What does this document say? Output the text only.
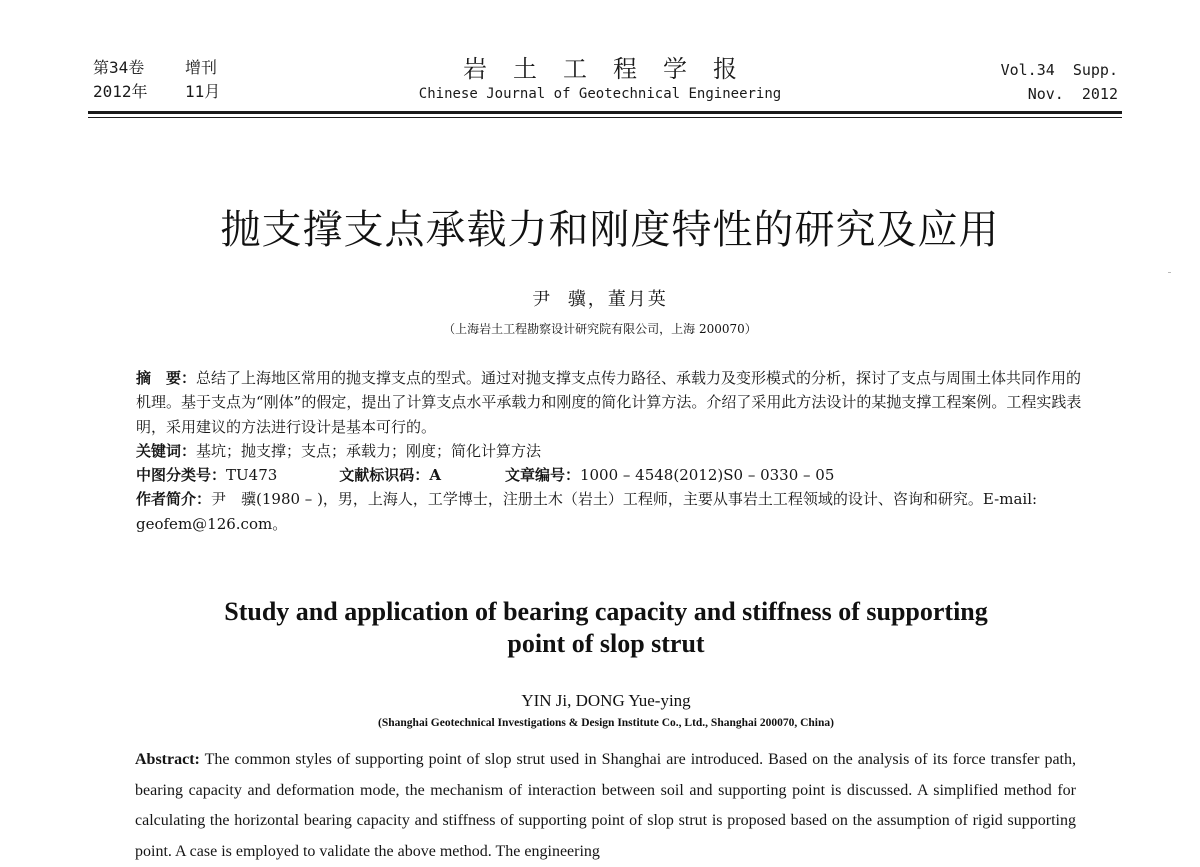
第34卷	增刊
2012年	11月
岩土工程学报
Chinese Journal of Geotechnical Engineering
Vol.34  Supp.
Nov.  2012
抛支撑支点承载力和刚度特性的研究及应用
尹  骥，董月英
（上海岩土工程勘察设计研究院有限公司，上海 200070）

摘　要：总结了上海地区常用的抛支撑支点的型式。通过对抛支撑支点传力路径、承载力及变形模式的分析，探讨了支点与周围土体共同作用的机理。基于支点为“刚体”的假定，提出了计算支点水平承载力和刚度的简化计算方法。介绍了采用此方法设计的某抛支撑工程案例。工程实践表明，采用建议的方法进行设计是基本可行的。

关键词：基坑；抛支撑；支点；承载力；刚度；简化计算方法

中图分类号：TU473	文献标识码：A	文章编号：1000 – 4548(2012)S0 – 0330 – 05

作者简介：尹　骥(1980 – )，男，上海人，工学博士，注册土木（岩土）工程师，主要从事岩土工程领域的设计、咨询和研究。E-mail: geofem@126.com。

Study and application of bearing capacity and stiffness of supporting
point of slop strut
YIN Ji, DONG Yue-ying
(Shanghai Geotechnical Investigations & Design Institute Co., Ltd., Shanghai 200070, China)

Abstract: The common styles of supporting point of slop strut used in Shanghai are introduced. Based on the analysis of its force transfer path, bearing capacity and deformation mode, the mechanism of interaction between soil and supporting point is discussed. A simplified method for calculating the horizontal bearing capacity and stiffness of supporting point of slop strut is proposed based on the assumption of rigid supporting point. A case is employed to validate the above method. The engineering
